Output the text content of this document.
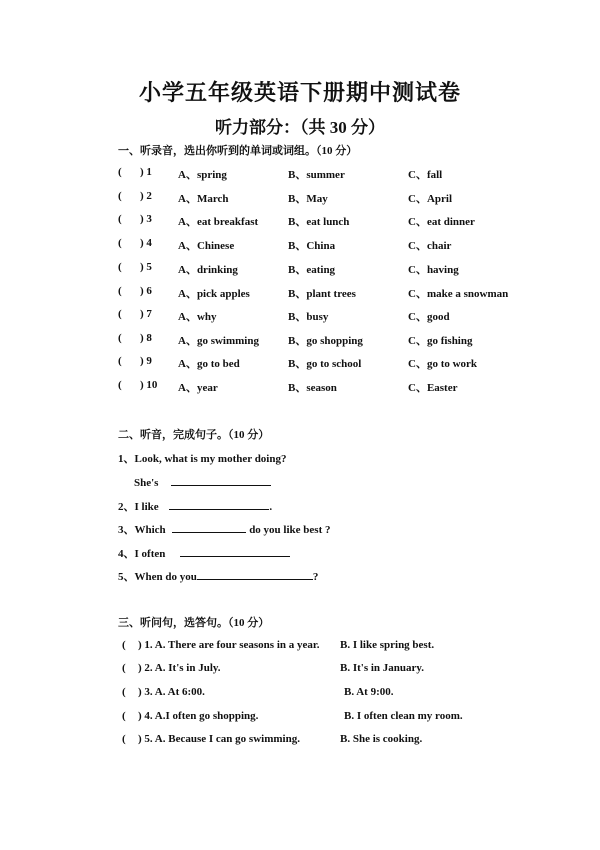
小学五年级英语下册期中测试卷
听力部分：（共 30 分）
一、听录音，选出你听到的单词或词组。（10 分）
( ) 1 A、spring	B、summer	C、fall
( ) 2 A、March	B、May	C、April
( ) 3 A、eat breakfast	B、eat lunch	C、eat dinner
( ) 4 A、Chinese	B、China	C、chair
( ) 5 A、drinking	B、eating	C、having
( ) 6 A、pick apples	B、plant trees	C、make a snowman
( ) 7 A、why	B、busy	C、good
( ) 8 A、go swimming	B、go shopping	C、go fishing
( ) 9 A、go to bed	B、go to school	C、go to work
( ) 10 A、year	B、season	C、Easter
二、听音，完成句子。（10 分）
1、Look, what is my mother doing?
She's
2、I like	.
3、Which	do you like best ?
4、I often
5、When do you	?
三、听问句，选答句。（10 分）
( ) 1. A. There are four seasons in a year. B. I like spring best.
( ) 2. A. It's in July.	B. It's in January.
( ) 3. A. At 6:00.	B. At 9:00.
( ) 4. A.I often go shopping.	B. I often clean my room.
( ) 5. A. Because I can go swimming.	B. She is cooking.
